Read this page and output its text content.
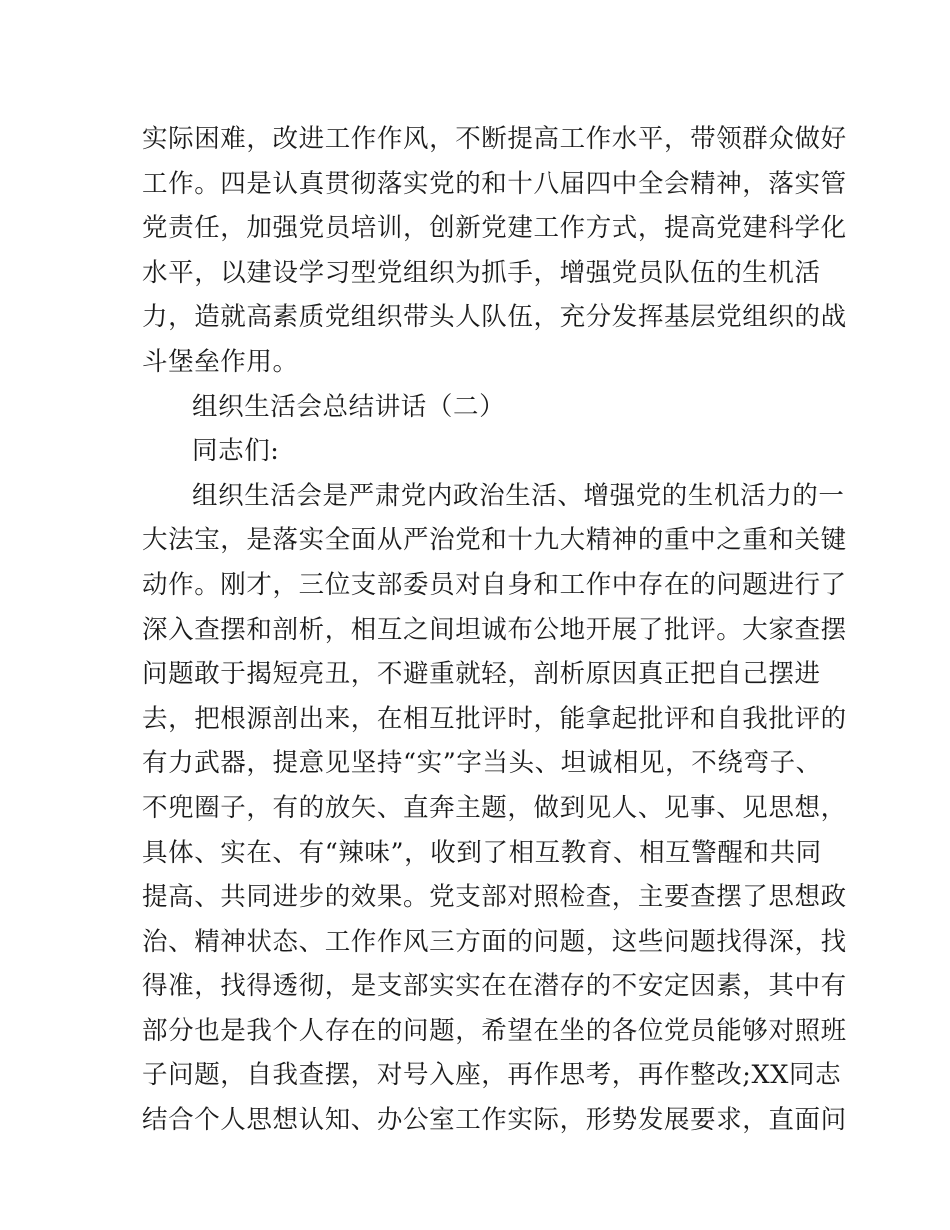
实际困难，改进工作作风，不断提高工作水平，带领群众做好
工作。四是认真贯彻落实党的和十八届四中全会精神，落实管
党责任，加强党员培训，创新党建工作方式，提高党建科学化
水平，以建设学习型党组织为抓手，增强党员队伍的生机活
力，造就高素质党组织带头人队伍，充分发挥基层党组织的战
斗堡垒作用。
组织生活会总结讲话（二）
同志们:
组织生活会是严肃党内政治生活、增强党的生机活力的一
大法宝，是落实全面从严治党和十九大精神的重中之重和关键
动作。刚才，三位支部委员对自身和工作中存在的问题进行了
深入查摆和剖析，相互之间坦诚布公地开展了批评。大家查摆
问题敢于揭短亮丑，不避重就轻，剖析原因真正把自己摆进
去，把根源剖出来，在相互批评时，能拿起批评和自我批评的
有力武器，提意见坚持“实”字当头、坦诚相见，不绕弯子、
不兜圈子，有的放矢、直奔主题，做到见人、见事、见思想，
具体、实在、有“辣味”，收到了相互教育、相互警醒和共同
提高、共同进步的效果。党支部对照检查，主要查摆了思想政
治、精神状态、工作作风三方面的问题，这些问题找得深，找
得准，找得透彻，是支部实实在在潜存的不安定因素，其中有
部分也是我个人存在的问题，希望在坐的各位党员能够对照班
子问题，自我查摆，对号入座，再作思考，再作整改;XX同志
结合个人思想认知、办公室工作实际，形势发展要求，直面问
